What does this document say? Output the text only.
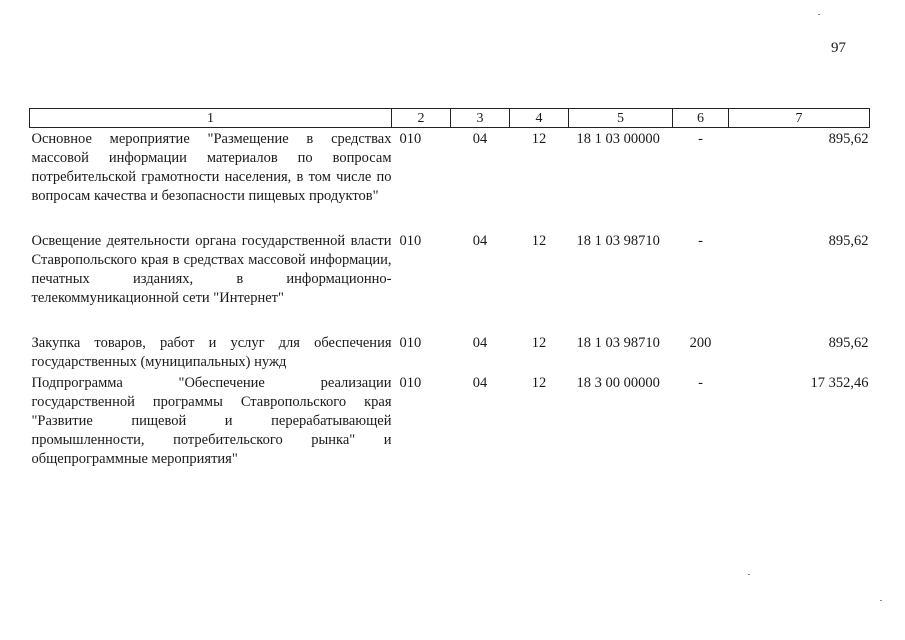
97
1	2	3	4	5	6	7
Основное мероприятие "Размещение в средствах массовой информации материалов по вопросам потребительской грамотности населения, в том числе по вопросам качества и безопасности пищевых продуктов"	010	04	12	18 1 03 00000	-	895,62
Освещение деятельности органа государственной власти Ставропольского края в средствах массовой информации, печатных изданиях, в информационно-телекоммуникационной сети "Интернет"	010	04	12	18 1 03 98710	-	895,62
Закупка товаров, работ и услуг для обеспечения государственных (муниципальных) нужд	010	04	12	18 1 03 98710	200	895,62
Подпрограмма "Обеспечение реализации государственной программы Ставропольского края "Развитие пищевой и перерабатывающей промышленности, потребительского рынка" и общепрограммные мероприятия"	010	04	12	18 3 00 00000	-	17 352,46
